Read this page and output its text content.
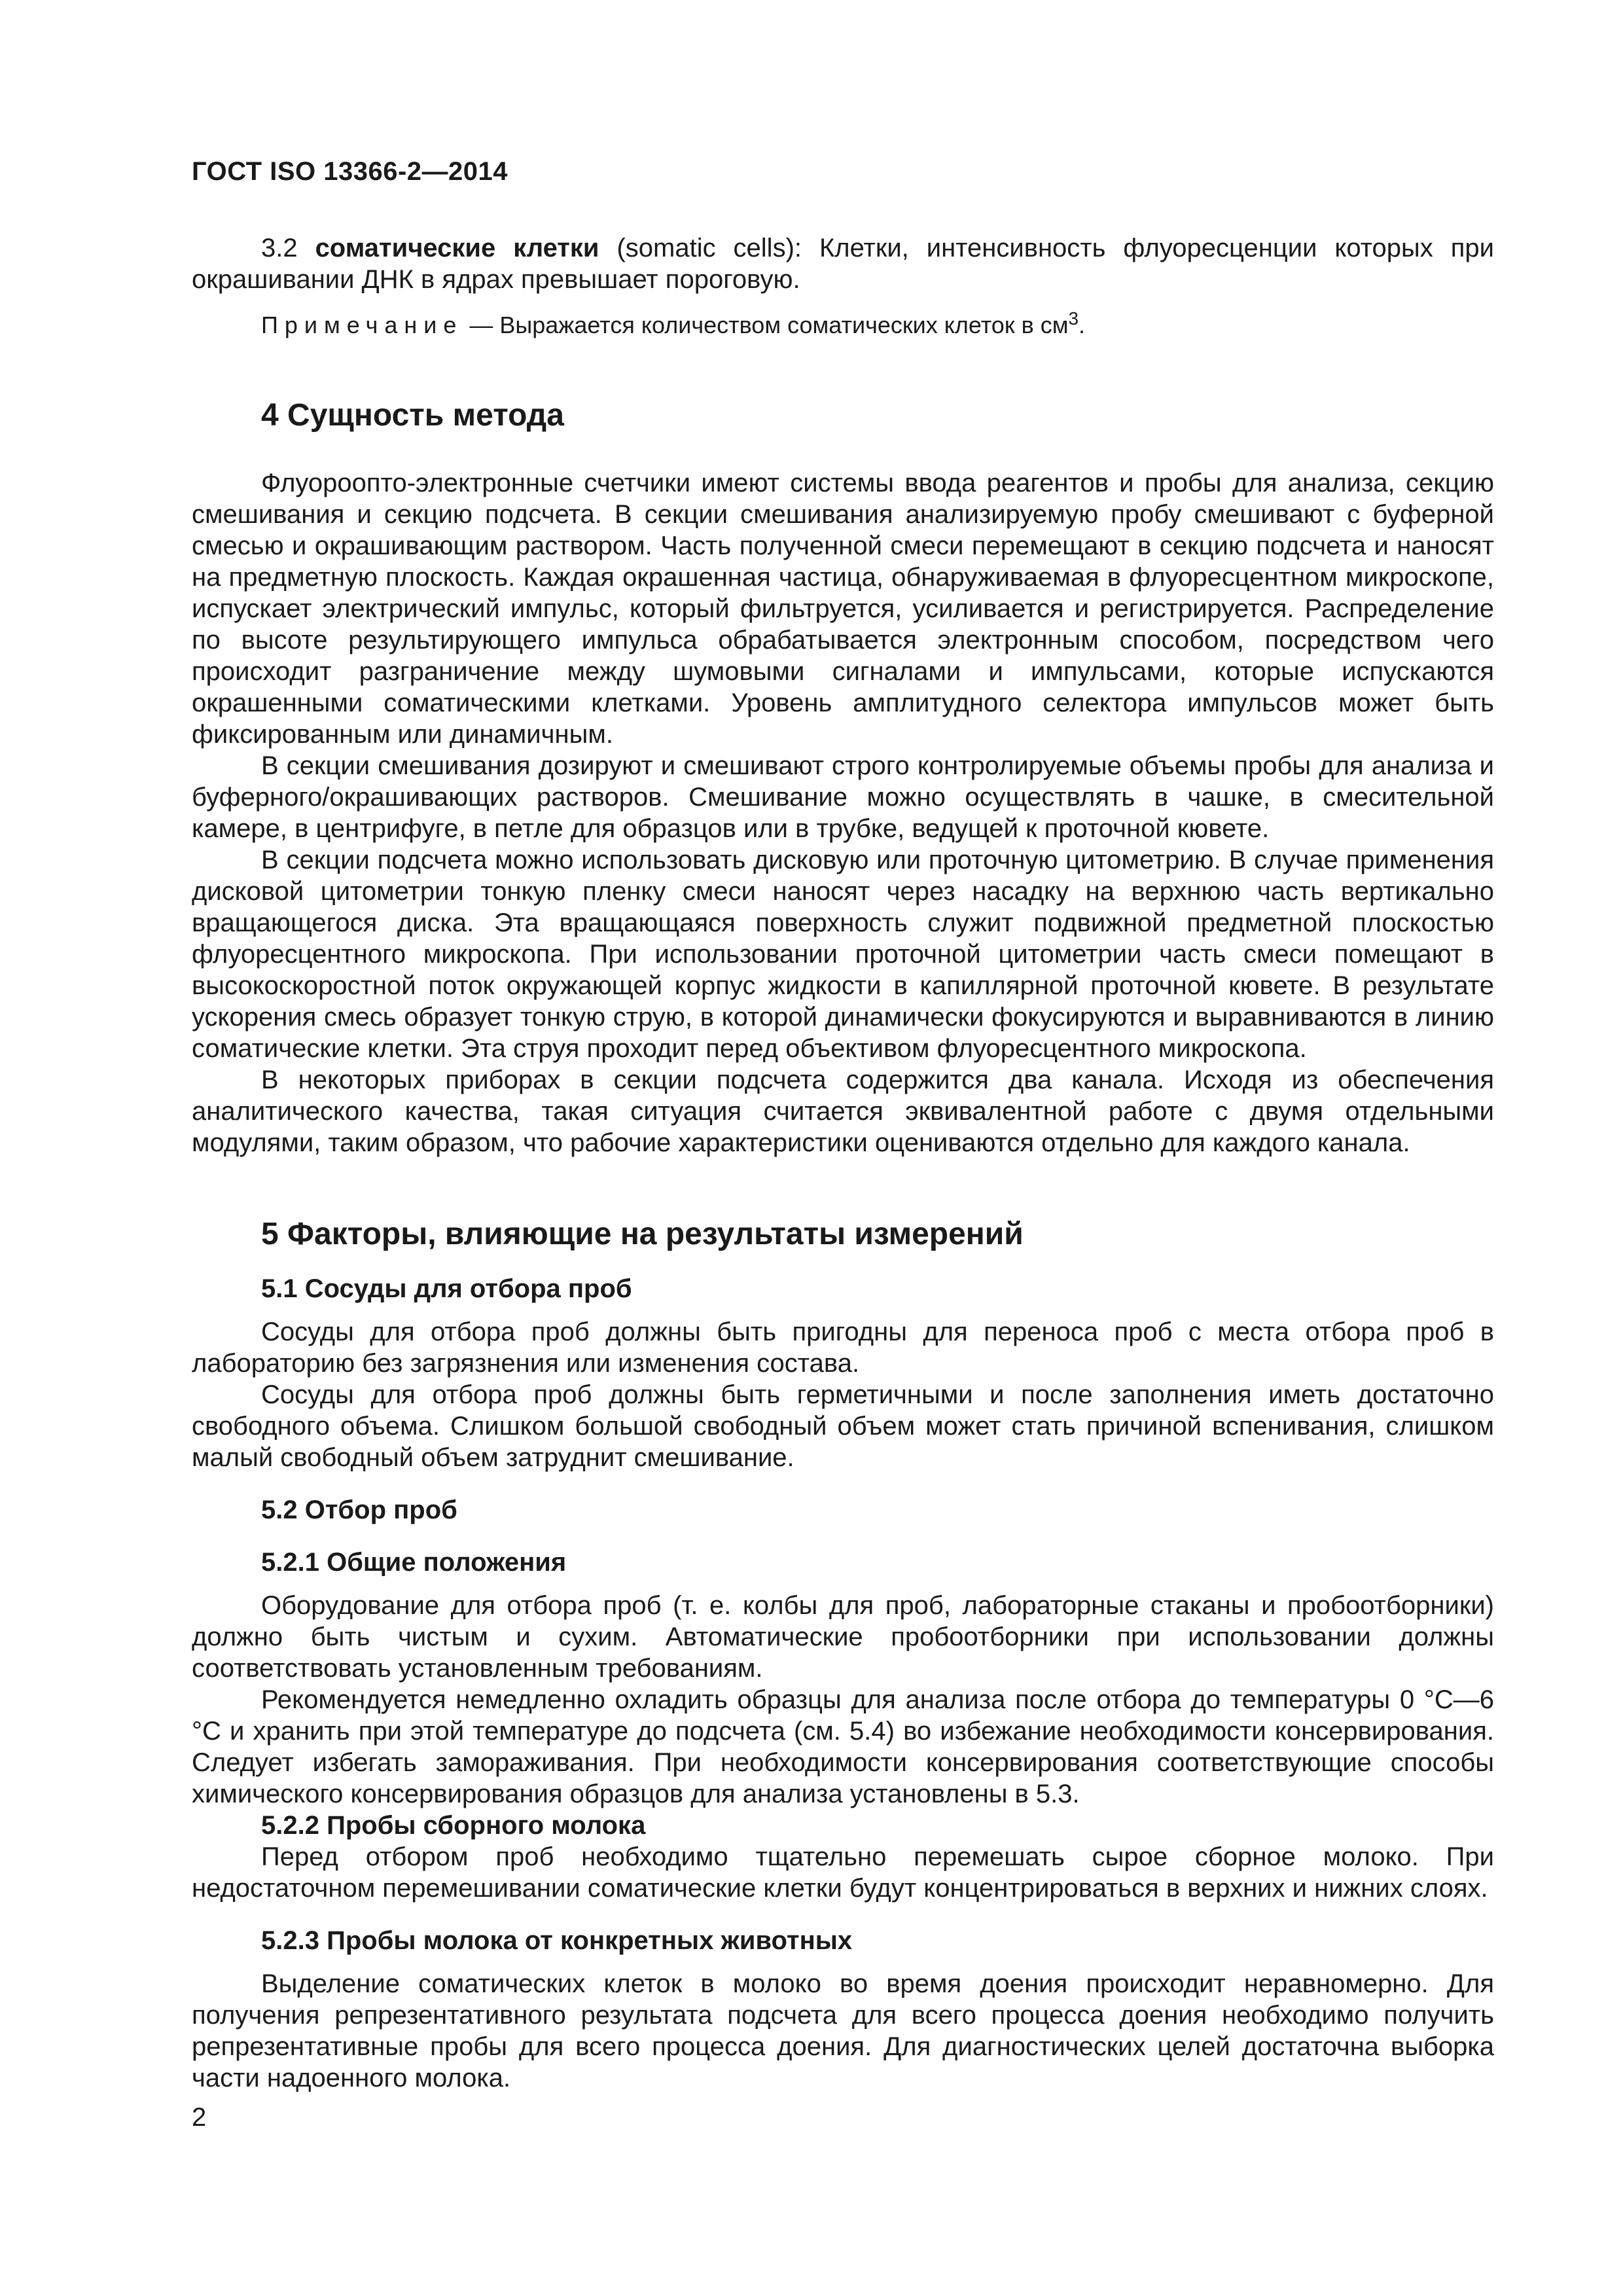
ГОСТ ISO 13366-2—2014

3.2 соматические клетки (somatic cells): Клетки, интенсивность флуоресценции которых при окрашивании ДНК в ядрах превышает пороговую.

Примечание — Выражается количеством соматических клеток в $см^3$.

4 Сущность метода

Флуороопто-электронные счетчики имеют системы ввода реагентов и пробы для анализа, секцию смешивания и секцию подсчета. В секции смешивания анализируемую пробу смешивают с буферной смесью и окрашивающим раствором. Часть полученной смеси перемещают в секцию подсчета и наносят на предметную плоскость. Каждая окрашенная частица, обнаруживаемая в флуоресцентном микроскопе, испускает электрический импульс, который фильтруется, усиливается и регистрируется. Распределение по высоте результирующего импульса обрабатывается электронным способом, посредством чего происходит разграничение между шумовыми сигналами и импульсами, которые испускаются окрашенными соматическими клетками. Уровень амплитудного селектора импульсов может быть фиксированным или динамичным.

В секции смешивания дозируют и смешивают строго контролируемые объемы пробы для анализа и буферного/окрашивающих растворов. Смешивание можно осуществлять в чашке, в смесительной камере, в центрифуге, в петле для образцов или в трубке, ведущей к проточной кювете.

В секции подсчета можно использовать дисковую или проточную цитометрию. В случае применения дисковой цитометрии тонкую пленку смеси наносят через насадку на верхнюю часть вертикально вращающегося диска. Эта вращающаяся поверхность служит подвижной предметной плоскостью флуоресцентного микроскопа. При использовании проточной цитометрии часть смеси помещают в высокоскоростной поток окружающей корпус жидкости в капиллярной проточной кювете. В результате ускорения смесь образует тонкую струю, в которой динамически фокусируются и выравниваются в линию соматические клетки. Эта струя проходит перед объективом флуоресцентного микроскопа.

В некоторых приборах в секции подсчета содержится два канала. Исходя из обеспечения аналитического качества, такая ситуация считается эквивалентной работе с двумя отдельными модулями, таким образом, что рабочие характеристики оцениваются отдельно для каждого канала.

5 Факторы, влияющие на результаты измерений
5.1 Сосуды для отбора проб

Сосуды для отбора проб должны быть пригодны для переноса проб с места отбора проб в лабораторию без загрязнения или изменения состава.

Сосуды для отбора проб должны быть герметичными и после заполнения иметь достаточно свободного объема. Слишком большой свободный объем может стать причиной вспенивания, слишком малый свободный объем затруднит смешивание.

5.2 Отбор проб
5.2.1 Общие положения

Оборудование для отбора проб (т. е. колбы для проб, лабораторные стаканы и пробоотборники) должно быть чистым и сухим. Автоматические пробоотборники при использовании должны соответствовать установленным требованиям.

Рекомендуется немедленно охладить образцы для анализа после отбора до температуры 0 °С—6 °С и хранить при этой температуре до подсчета (см. 5.4) во избежание необходимости консервирования. Следует избегать замораживания. При необходимости консервирования соответствующие способы химического консервирования образцов для анализа установлены в 5.3.

5.2.2 Пробы сборного молока

Перед отбором проб необходимо тщательно перемешать сырое сборное молоко. При недостаточном перемешивании соматические клетки будут концентрироваться в верхних и нижних слоях.

5.2.3 Пробы молока от конкретных животных

Выделение соматических клеток в молоко во время доения происходит неравномерно. Для получения репрезентативного результата подсчета для всего процесса доения необходимо получить репрезентативные пробы для всего процесса доения. Для диагностических целей достаточна выборка части надоенного молока.

2
